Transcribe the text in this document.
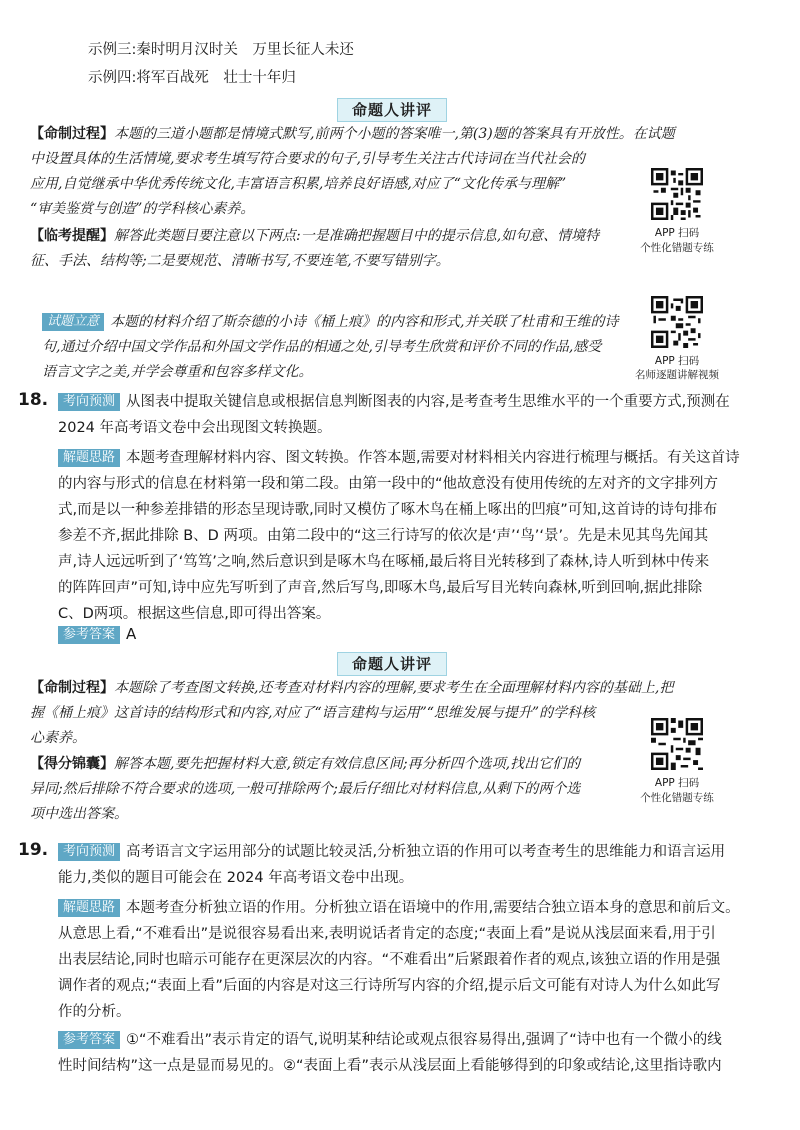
示例三:秦时明月汉时关　万里长征人未还
示例四:将军百战死　壮士十年归
命题人讲评
【命制过程】本题的三道小题都是情境式默写,前两个小题的答案唯一,第(3)题的答案具有开放性。在试题
中设置具体的生活情境,要求考生填写符合要求的句子,引导考生关注古代诗词在当代社会的
应用,自觉继承中华优秀传统文化,丰富语言积累,培养良好语感,对应了“文化传承与理解”
“审美鉴赏与创造”的学科核心素养。
【临考提醒】解答此类题目要注意以下两点:一是准确把握题目中的提示信息,如句意、情境特
征、手法、结构等;二是要规范、清晰书写,不要连笔,不要写错别字。
APP 扫码
个性化错题专练
试题立意 本题的材料介绍了斯奈德的小诗《桶上痕》的内容和形式,并关联了杜甫和王维的诗
句,通过介绍中国文学作品和外国文学作品的相通之处,引导考生欣赏和评价不同的作品,感受
语言文字之美,并学会尊重和包容多样文化。
APP 扫码
名师逐题讲解视频
18.	考向预测 从图表中提取关键信息或根据信息判断图表的内容,是考查考生思维水平的一个重要方式,预测在
2024 年高考语文卷中会出现图文转换题。
解题思路 本题考查理解材料内容、图文转换。作答本题,需要对材料相关内容进行梳理与概括。有关这首诗
的内容与形式的信息在材料第一段和第二段。由第一段中的“他故意没有使用传统的左对齐的文字排列方
式,而是以一种参差排错的形态呈现诗歌,同时又模仿了啄木鸟在桶上啄出的凹痕”可知,这首诗的诗句排布
参差不齐,据此排除 B、D 两项。由第二段中的“这三行诗写的依次是‘声’‘鸟’‘景’。先是未见其鸟先闻其
声,诗人远远听到了‘笃笃’之响,然后意识到是啄木鸟在啄桶,最后将目光转移到了森林,诗人听到林中传来
的阵阵回声”可知,诗中应先写听到了声音,然后写鸟,即啄木鸟,最后写目光转向森林,听到回响,据此排除
C、D两项。根据这些信息,即可得出答案。
参考答案 A
命题人讲评
【命制过程】本题除了考查图文转换,还考查对材料内容的理解,要求考生在全面理解材料内容的基础上,把
握《桶上痕》这首诗的结构形式和内容,对应了“语言建构与运用”“思维发展与提升”的学科核
心素养。
【得分锦囊】解答本题,要先把握材料大意,锁定有效信息区间;再分析四个选项,找出它们的
异同;然后排除不符合要求的选项,一般可排除两个;最后仔细比对材料信息,从剩下的两个选
项中选出答案。
APP 扫码
个性化错题专练
19.	考向预测 高考语言文字运用部分的试题比较灵活,分析独立语的作用可以考查考生的思维能力和语言运用
能力,类似的题目可能会在 2024 年高考语文卷中出现。
解题思路 本题考查分析独立语的作用。分析独立语在语境中的作用,需要结合独立语本身的意思和前后文。
从意思上看,“不难看出”是说很容易看出来,表明说话者肯定的态度;“表面上看”是说从浅层面来看,用于引
出表层结论,同时也暗示可能存在更深层次的内容。“不难看出”后紧跟着作者的观点,该独立语的作用是强
调作者的观点;“表面上看”后面的内容是对这三行诗所写内容的介绍,提示后文可能有对诗人为什么如此写
作的分析。
参考答案 ①“不难看出”表示肯定的语气,说明某种结论或观点很容易得出,强调了“诗中也有一个微小的线
性时间结构”这一点是显而易见的。②“表面上看”表示从浅层面上看能够得到的印象或结论,这里指诗歌内
